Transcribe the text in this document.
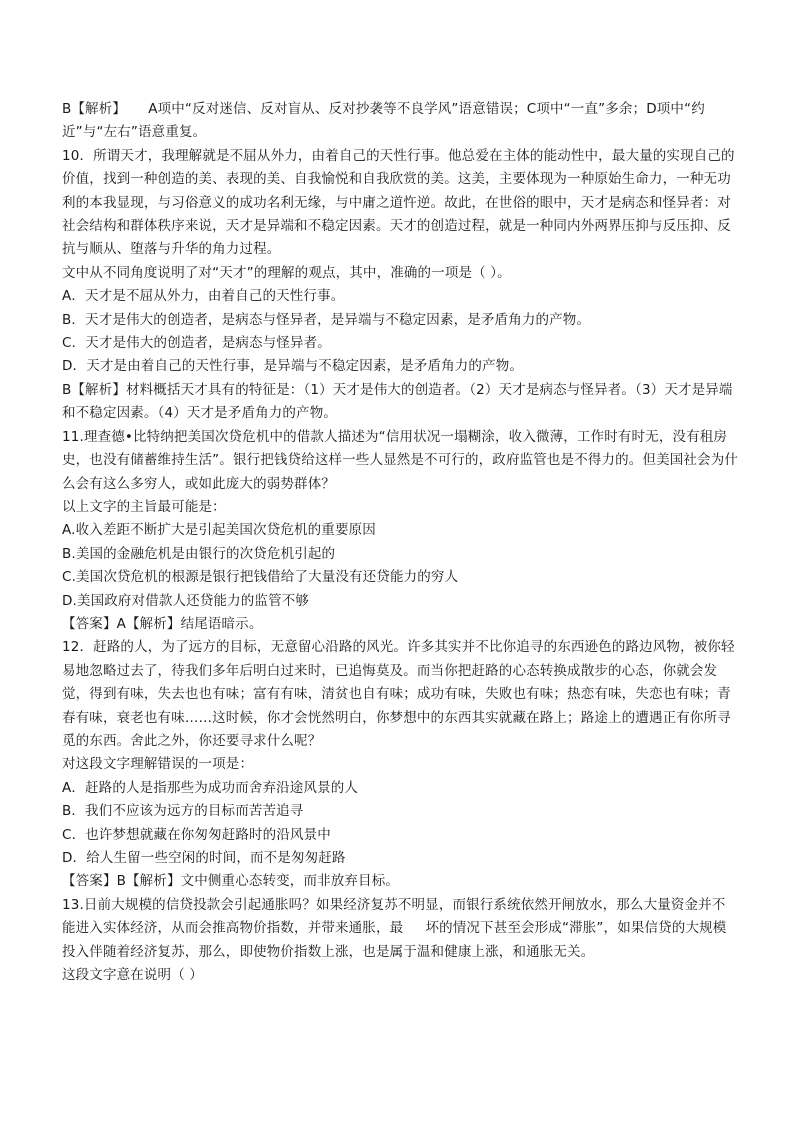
B【解析】     A项中“反对迷信、反对盲从、反对抄袭等不良学风”语意错误；C项中“一直”多余；D项中“约近”与“左右”语意重复。

10．所谓天才，我理解就是不屈从外力，由着自己的天性行事。他总爱在主体的能动性中，最大量的实现自己的价值，找到一种创造的美、表现的美、自我愉悦和自我欣赏的美。这美，主要体现为一种原始生命力，一种无功利的本我显现，与习俗意义的成功名利无缘，与中庸之道忤逆。故此，在世俗的眼中，天才是病态和怪异者：对社会结构和群体秩序来说，天才是异端和不稳定因素。天才的创造过程，就是一种同内外两界压抑与反压抑、反抗与顺从、堕落与升华的角力过程。

文中从不同角度说明了对“天才”的理解的观点，其中，准确的一项是（ ）。

A．天才是不屈从外力，由着自己的天性行事。

B．天才是伟大的创造者，是病态与怪异者，是异端与不稳定因素，是矛盾角力的产物。

C．天才是伟大的创造者，是病态与怪异者。

D．天才是由着自己的天性行事，是异端与不稳定因素，是矛盾角力的产物。

B【解析】材料概括天才具有的特征是：（1）天才是伟大的创造者。（2）天才是病态与怪异者。（3）天才是异端和不稳定因素。（4）天才是矛盾角力的产物。

11.理查德•比特纳把美国次贷危机中的借款人描述为“信用状况一塌糊涂，收入微薄，工作时有时无，没有租房史，也没有储蓄维持生活”。银行把钱贷给这样一些人显然是不可行的，政府监管也是不得力的。但美国社会为什么会有这么多穷人，或如此庞大的弱势群体？

以上文字的主旨最可能是：

A.收入差距不断扩大是引起美国次贷危机的重要原因

B.美国的金融危机是由银行的次贷危机引起的

C.美国次贷危机的根源是银行把钱借给了大量没有还贷能力的穷人

D.美国政府对借款人还贷能力的监管不够

【答案】A【解析】结尾语暗示。

12．赶路的人，为了远方的目标，无意留心沿路的风光。许多其实并不比你追寻的东西逊色的路边风物，被你轻易地忽略过去了，待我们多年后明白过来时，已追悔莫及。而当你把赶路的心态转换成散步的心态，你就会发觉，得到有味，失去也也有味；富有有味，清贫也自有味；成功有味，失败也有味；热恋有味，失恋也有味；青春有味，衰老也有味……这时候，你才会恍然明白，你梦想中的东西其实就藏在路上；路途上的遭遇正有你所寻觅的东西。舍此之外，你还要寻求什么呢？

对这段文字理解错误的一项是：

A．赶路的人是指那些为成功而舍弃沿途风景的人

B．我们不应该为远方的目标而苦苦追寻

C．也许梦想就藏在你匆匆赶路时的沿风景中

D．给人生留一些空闲的时间，而不是匆匆赶路

【答案】B【解析】文中侧重心态转变，而非放弃目标。

13.日前大规模的信贷投款会引起通胀吗？如果经济复苏不明显，而银行系统依然开闸放水，那么大量资金并不能进入实体经济，从而会推高物价指数，并带来通胀，最     坏的情况下甚至会形成“滞胀”，如果信贷的大规模投入伴随着经济复苏，那么，即使物价指数上涨，也是属于温和健康上涨，和通胀无关。

这段文字意在说明（ ）
